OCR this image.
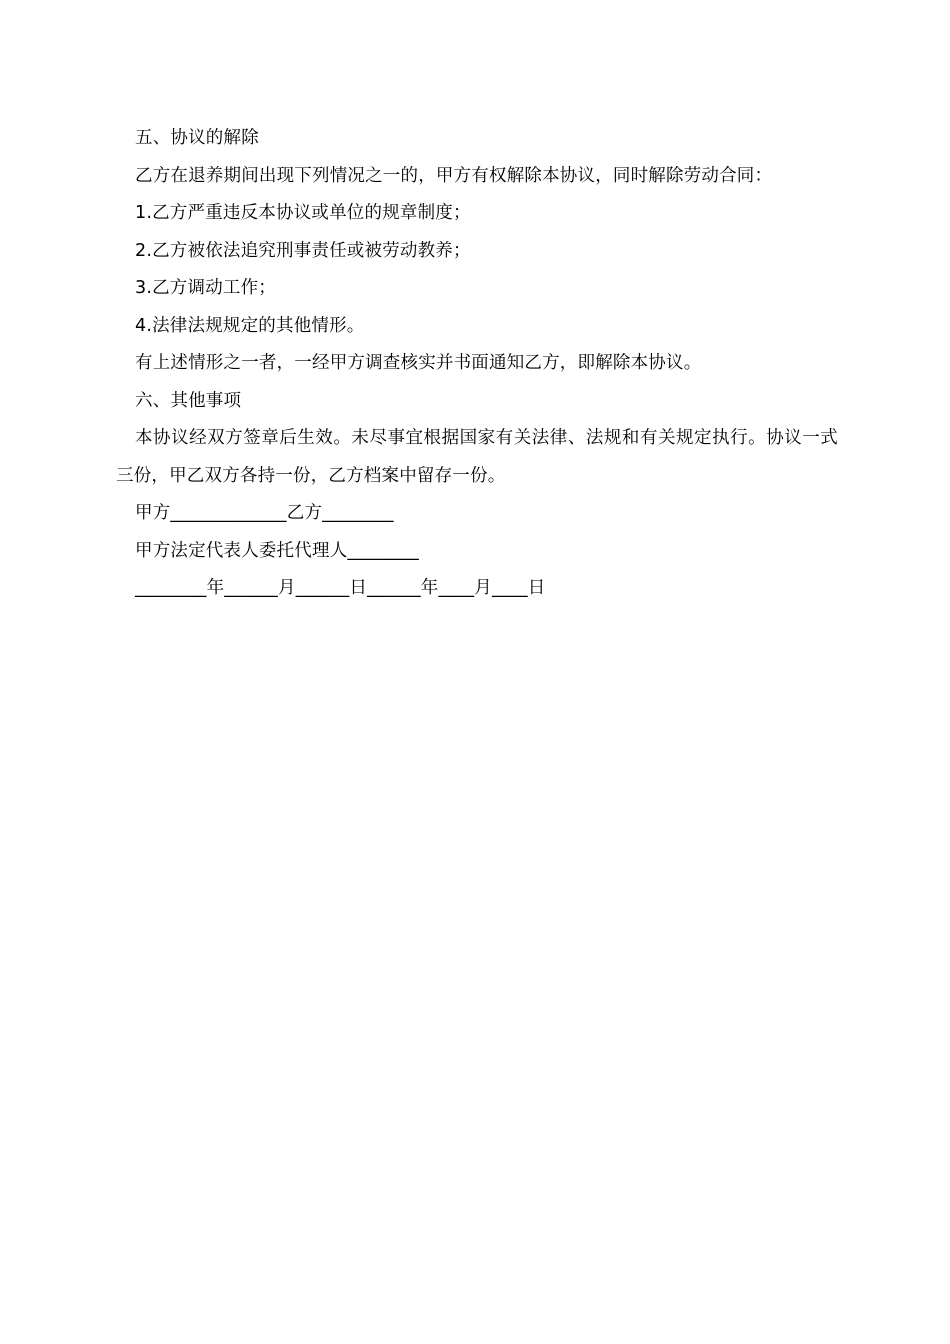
五、协议的解除
乙方在退养期间出现下列情况之一的，甲方有权解除本协议，同时解除劳动合同：
1.乙方严重违反本协议或单位的规章制度；
2.乙方被依法追究刑事责任或被劳动教养；
3.乙方调动工作；
4.法律法规规定的其他情形。
有上述情形之一者，一经甲方调查核实并书面通知乙方，即解除本协议。
六、其他事项
本协议经双方签章后生效。未尽事宜根据国家有关法律、法规和有关规定执行。协议一式三份，甲乙双方各持一份，乙方档案中留存一份。
甲方_____________乙方________
甲方法定代表人委托代理人________
________年______月______日______年____月____日
